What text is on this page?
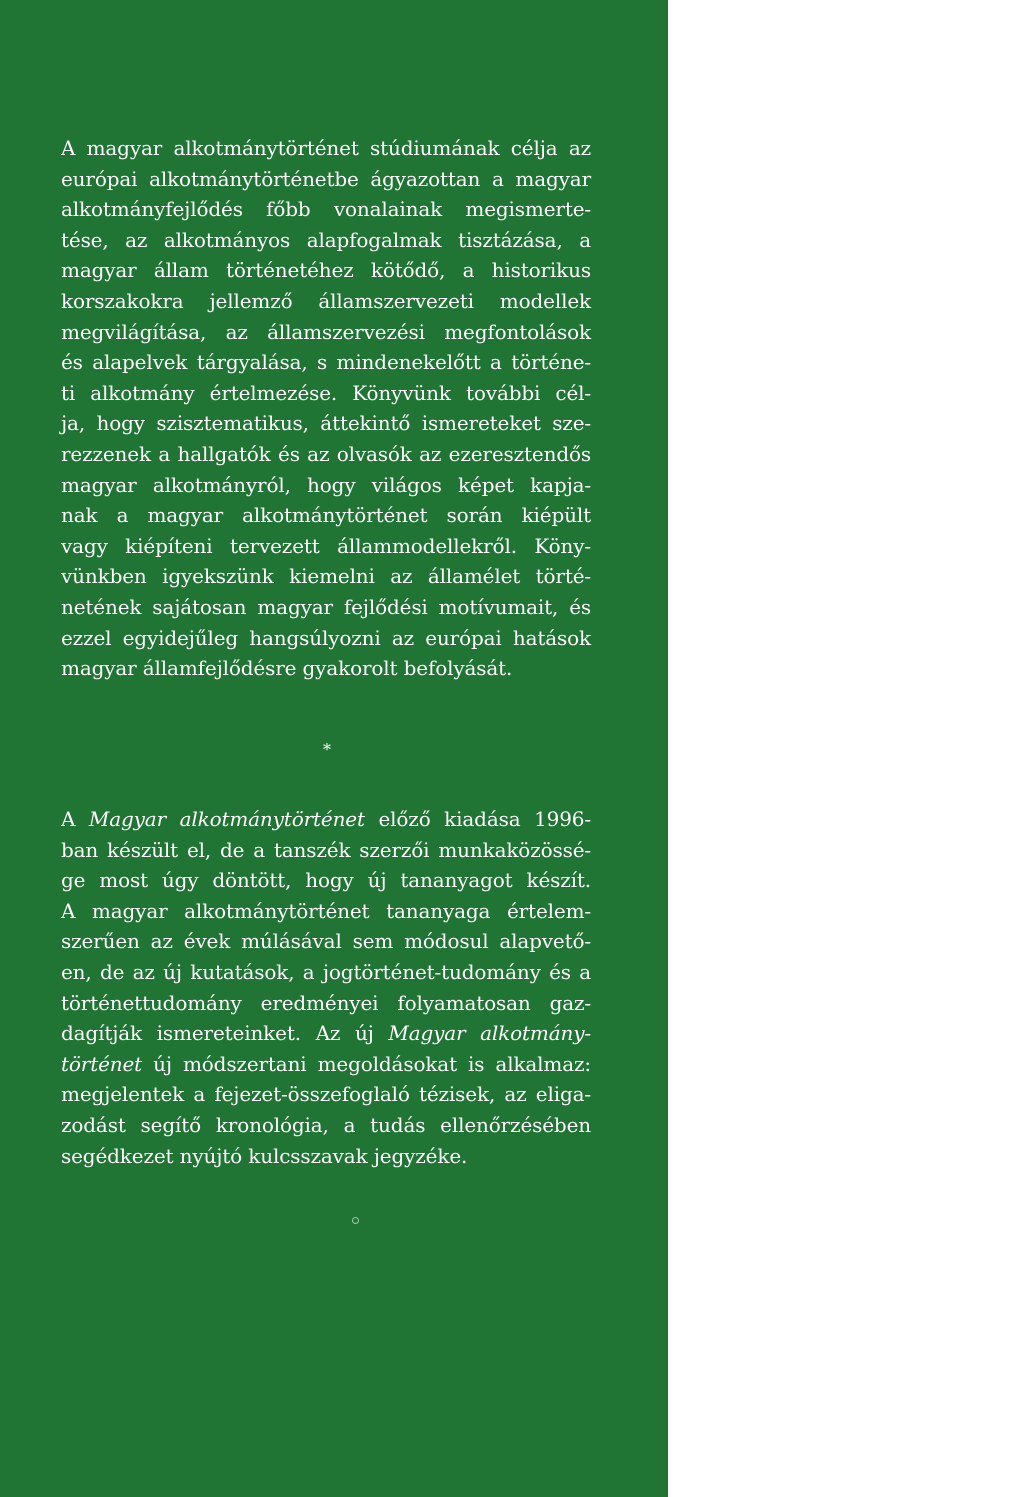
A magyar alkotmánytörténet stúdiumának célja az
európai alkotmánytörténetbe ágyazottan a magyar
alkotmányfejlődés főbb vonalainak megismerte-
tése, az alkotmányos alapfogalmak tisztázása, a
magyar állam történetéhez kötődő, a historikus
korszakokra jellemző államszervezeti modellek
megvilágítása, az államszervezési megfontolások
és alapelvek tárgyalása, s mindenekelőtt a történe-
ti alkotmány értelmezése. Könyvünk további cél-
ja, hogy szisztematikus, áttekintő ismereteket sze-
rezzenek a hallgatók és az olvasók az ezeresztendős
magyar alkotmányról, hogy világos képet kapja-
nak a magyar alkotmánytörténet során kiépült
vagy kiépíteni tervezett állammodellekről. Köny-
vünkben igyekszünk kiemelni az államélet törté-
netének sajátosan magyar fejlődési motívumait, és
ezzel egyidejűleg hangsúlyozni az európai hatások
magyar államfejlődésre gyakorolt befolyását.
*
A Magyar alkotmánytörténet előző kiadása 1996-
ban készült el, de a tanszék szerzői munkaközössé-
ge most úgy döntött, hogy új tananyagot készít.
A magyar alkotmánytörténet tananyaga értelem-
szerűen az évek múlásával sem módosul alapvető-
en, de az új kutatások, a jogtörténet-tudomány és a
történettudomány eredményei folyamatosan gaz-
dagítják ismereteinket. Az új Magyar alkotmány-
történet új módszertani megoldásokat is alkalmaz:
megjelentek a fejezet-összefoglaló tézisek, az eliga-
zodást segítő kronológia, a tudás ellenőrzésében
segédkezet nyújtó kulcsszavak jegyzéke.
